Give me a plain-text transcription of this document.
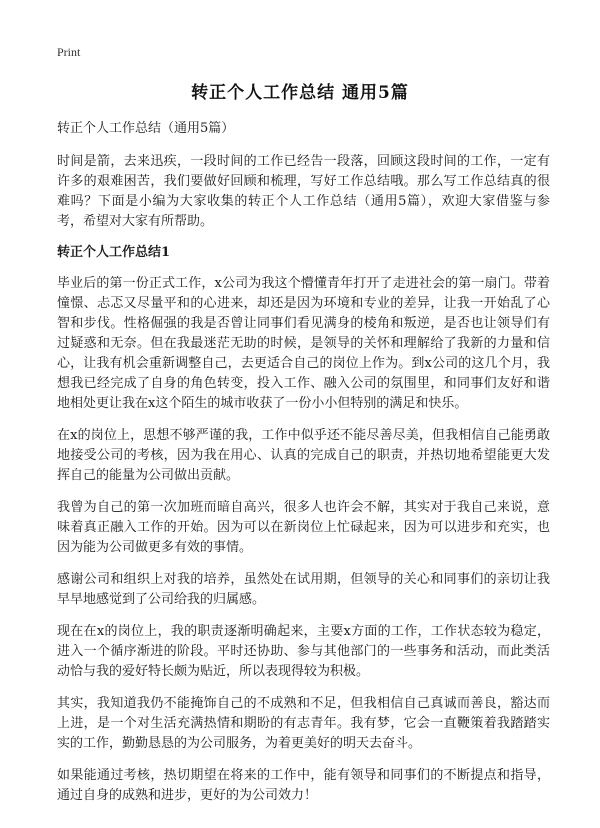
Print
转正个人工作总结 通用5篇
转正个人工作总结（通用5篇）

时间是箭，去来迅疾，一段时间的工作已经告一段落，回顾这段时间的工作，一定有许多的艰难困苦，我们要做好回顾和梳理，写好工作总结哦。那么写工作总结真的很难吗？下面是小编为大家收集的转正个人工作总结（通用5篇），欢迎大家借鉴与参考，希望对大家有所帮助。

转正个人工作总结1

毕业后的第一份正式工作，x公司为我这个懵懂青年打开了走进社会的第一扇门。带着憧憬、忐忑又尽量平和的心进来，却还是因为环境和专业的差异，让我一开始乱了心智和步伐。性格倔强的我是否曾让同事们看见满身的棱角和叛逆，是否也让领导们有过疑惑和无奈。但在我最迷茫无助的时候，是领导的关怀和理解给了我新的力量和信心，让我有机会重新调整自己，去更适合自己的岗位上作为。到x公司的这几个月，我想我已经完成了自身的角色转变，投入工作、融入公司的氛围里，和同事们友好和谐地相处更让我在x这个陌生的城市收获了一份小小但特别的满足和快乐。

在x的岗位上，思想不够严谨的我，工作中似乎还不能尽善尽美，但我相信自己能勇敢地接受公司的考核，因为我在用心、认真的完成自己的职责，并热切地希望能更大发挥自己的能量为公司做出贡献。

我曾为自己的第一次加班而暗自高兴，很多人也许会不解，其实对于我自己来说，意味着真正融入工作的开始。因为可以在新岗位上忙碌起来，因为可以进步和充实，也因为能为公司做更多有效的事情。

感谢公司和组织上对我的培养，虽然处在试用期，但领导的关心和同事们的亲切让我早早地感觉到了公司给我的归属感。

现在在x的岗位上，我的职责逐渐明确起来，主要x方面的工作，工作状态较为稳定，进入一个循序渐进的阶段。平时还协助、参与其他部门的一些事务和活动，而此类活动恰与我的爱好特长颇为贴近，所以表现得较为积极。

其实，我知道我仍不能掩饰自己的不成熟和不足，但我相信自己真诚而善良，豁达而上进，是一个对生活充满热情和期盼的有志青年。我有梦，它会一直鞭策着我踏踏实实的工作，勤勤恳恳的为公司服务，为着更美好的明天去奋斗。

如果能通过考核，热切期望在将来的工作中，能有领导和同事们的不断提点和指导，通过自身的成熟和进步，更好的为公司效力！
